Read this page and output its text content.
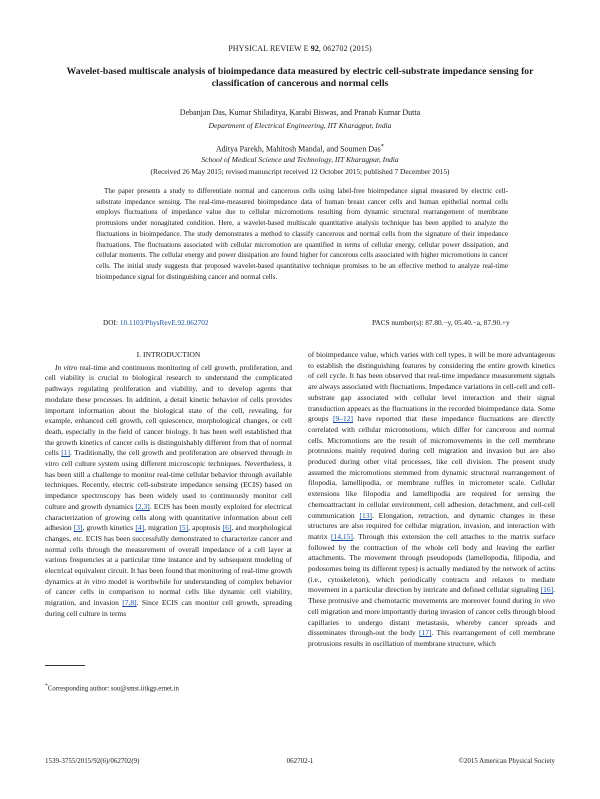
PHYSICAL REVIEW E 92, 062702 (2015)
Wavelet-based multiscale analysis of bioimpedance data measured by electric cell-substrate impedance sensing for classification of cancerous and normal cells
Debanjan Das, Kumar Shiladitya, Karabi Biswas, and Pranab Kumar Dutta
Department of Electrical Engineering, IIT Kharagpur, India
Aditya Parekh, Mahitosh Mandal, and Soumen Das*
School of Medical Science and Technology, IIT Kharagpur, India
(Received 26 May 2015; revised manuscript received 12 October 2015; published 7 December 2015)

The paper presents a study to differentiate normal and cancerous cells using label-free bioimpedance signal measured by electric cell-substrate impedance sensing. The real-time-measured bioimpedance data of human breast cancer cells and human epithelial normal cells employs fluctuations of impedance value due to cellular micromotions resulting from dynamic structural rearrangement of membrane protrusions under nonagitated condition. Here, a wavelet-based multiscale quantitative analysis technique has been applied to analyze the fluctuations in bioimpedance. The study demonstrates a method to classify cancerous and normal cells from the signature of their impedance fluctuations. The fluctuations associated with cellular micromotion are quantified in terms of cellular energy, cellular power dissipation, and cellular moments. The cellular energy and power dissipation are found higher for cancerous cells associated with higher micromotions in cancer cells. The initial study suggests that proposed wavelet-based quantitative technique promises to be an effective method to analyze real-time bioimpedance signal for distinguishing cancer and normal cells.

DOI: 10.1103/PhysRevE.92.062702	PACS number(s): 87.80.−y, 05.40.−a, 87.90.+y

I. INTRODUCTION

In vitro real-time and continuous monitoring of cell growth, proliferation, and cell viability is crucial to biological research to understand the complicated pathways regulating proliferation and viability, and to develop agents that modulate these processes. In addition, a detail kinetic behavior of cells provides important information about the biological state of the cell, revealing, for example, enhanced cell growth, cell quiescence, morphological changes, or cell death, especially in the field of cancer biology. It has been well established that the growth kinetics of cancer cells is distinguishably different from that of normal cells [1]. Traditionally, the cell growth and proliferation are observed through in vitro cell culture system using different microscopic techniques. Nevertheless, it has been still a challenge to monitor real-time cellular behavior through available techniques. Recently, electric cell-substrate impedance sensing (ECIS) based on impedance spectroscopy has been widely used to continuously monitor cell culture and growth dynamics [2,3]. ECIS has been mostly exploited for electrical characterization of growing cells along with quantitative information about cell adhesion [3], growth kinetics [4], migration [5], apoptosis [6], and morphological changes, etc. ECIS has been successfully demonstrated to characterize cancer and normal cells through the measurement of overall impedance of a cell layer at various frequencies at a particular time instance and by subsequent modeling of electrical equivalent circuit. It has been found that monitoring of real-time growth dynamics at in vitro model is worthwhile for understanding of complex behavior of cancer cells in comparison to normal cells like dynamic cell viability, migration, and invasion [7,8]. Since ECIS can monitor cell growth, spreading during cell culture in terms

of bioimpedance value, which varies with cell types, it will be more advantageous to establish the distinguishing features by considering the entire growth kinetics of cell cycle. It has been observed that real-time impedance measurement signals are always associated with fluctuations. Impedance variations in cell-cell and cell-substrate gap associated with cellular level interaction and their signal transduction appears as the fluctuations in the recorded bioimpedance data. Some groups [9–12] have reported that these impedance fluctuations are directly correlated with cellular micromotions, which differ for cancerous and normal cells. Micromotions are the result of micromovements in the cell membrane protrusions mainly required during cell migration and invasion but are also produced during other vital processes, like cell division. The present study assumed the micromotions stemmed from dynamic structural rearrangement of filopodia, lamellipodia, or membrane ruffles in micrometer scale. Cellular extensions like filopodia and lamellipodia are required for sensing the chemoattractant in cellular environment, cell adhesion, detachment, and cell-cell communication [13]. Elongation, retraction, and dynamic changes in these structures are also required for cellular migration, invasion, and interaction with matrix [14,15]. Through this extension the cell attaches to the matrix surface followed by the contraction of the whole cell body and leaving the earlier attachments. The movement through pseudopods (lamellopodia, filipodia, and podosomes being its different types) is actually mediated by the network of actins (i.e., cytoskeleton), which periodically contracts and relaxes to mediate movement in a particular direction by intricate and defined cellular signaling [16]. These protrusive and chemotactic movements are moreover found during in vivo cell migration and more importantly during invasion of cancer cells through blood capillaries to undergo distant metastasis, whereby cancer spreads and disseminates through-out the body [17]. This rearrangement of cell membrane protrusions results in oscillation of membrane structure, which

*Corresponding author: sou@smst.iitkgp.ernet.in
1539-3755/2015/92(6)/062702(9)	062702-1	©2015 American Physical Society
